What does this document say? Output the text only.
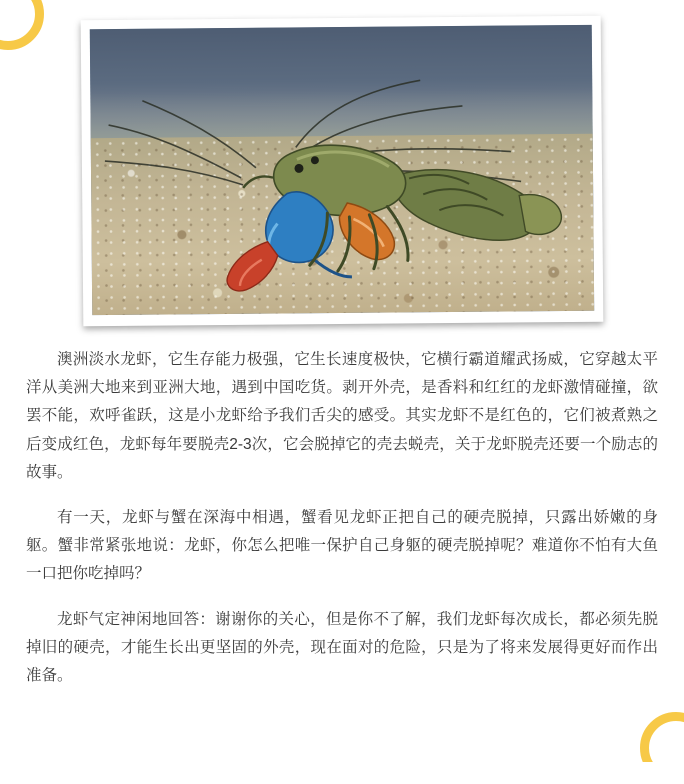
澳洲淡水龙虾，它生存能力极强，它生长速度极快，它横行霸道耀武扬威，它穿越太平洋从美洲大地来到亚洲大地，遇到中国吃货。剥开外壳，是香料和红红的龙虾激情碰撞，欲罢不能，欢呼雀跃，这是小龙虾给予我们舌尖的感受。其实龙虾不是红色的，它们被煮熟之后变成红色，龙虾每年要脱壳2-3次，它会脱掉它的壳去蜕壳，关于龙虾脱壳还要一个励志的故事。

有一天，龙虾与蟹在深海中相遇，蟹看见龙虾正把自己的硬壳脱掉，只露出娇嫩的身躯。蟹非常紧张地说：龙虾，你怎么把唯一保护自己身躯的硬壳脱掉呢？难道你不怕有大鱼一口把你吃掉吗？

龙虾气定神闲地回答：谢谢你的关心，但是你不了解，我们龙虾每次成长，都必须先脱掉旧的硬壳，才能生长出更坚固的外壳，现在面对的危险，只是为了将来发展得更好而作出准备。
